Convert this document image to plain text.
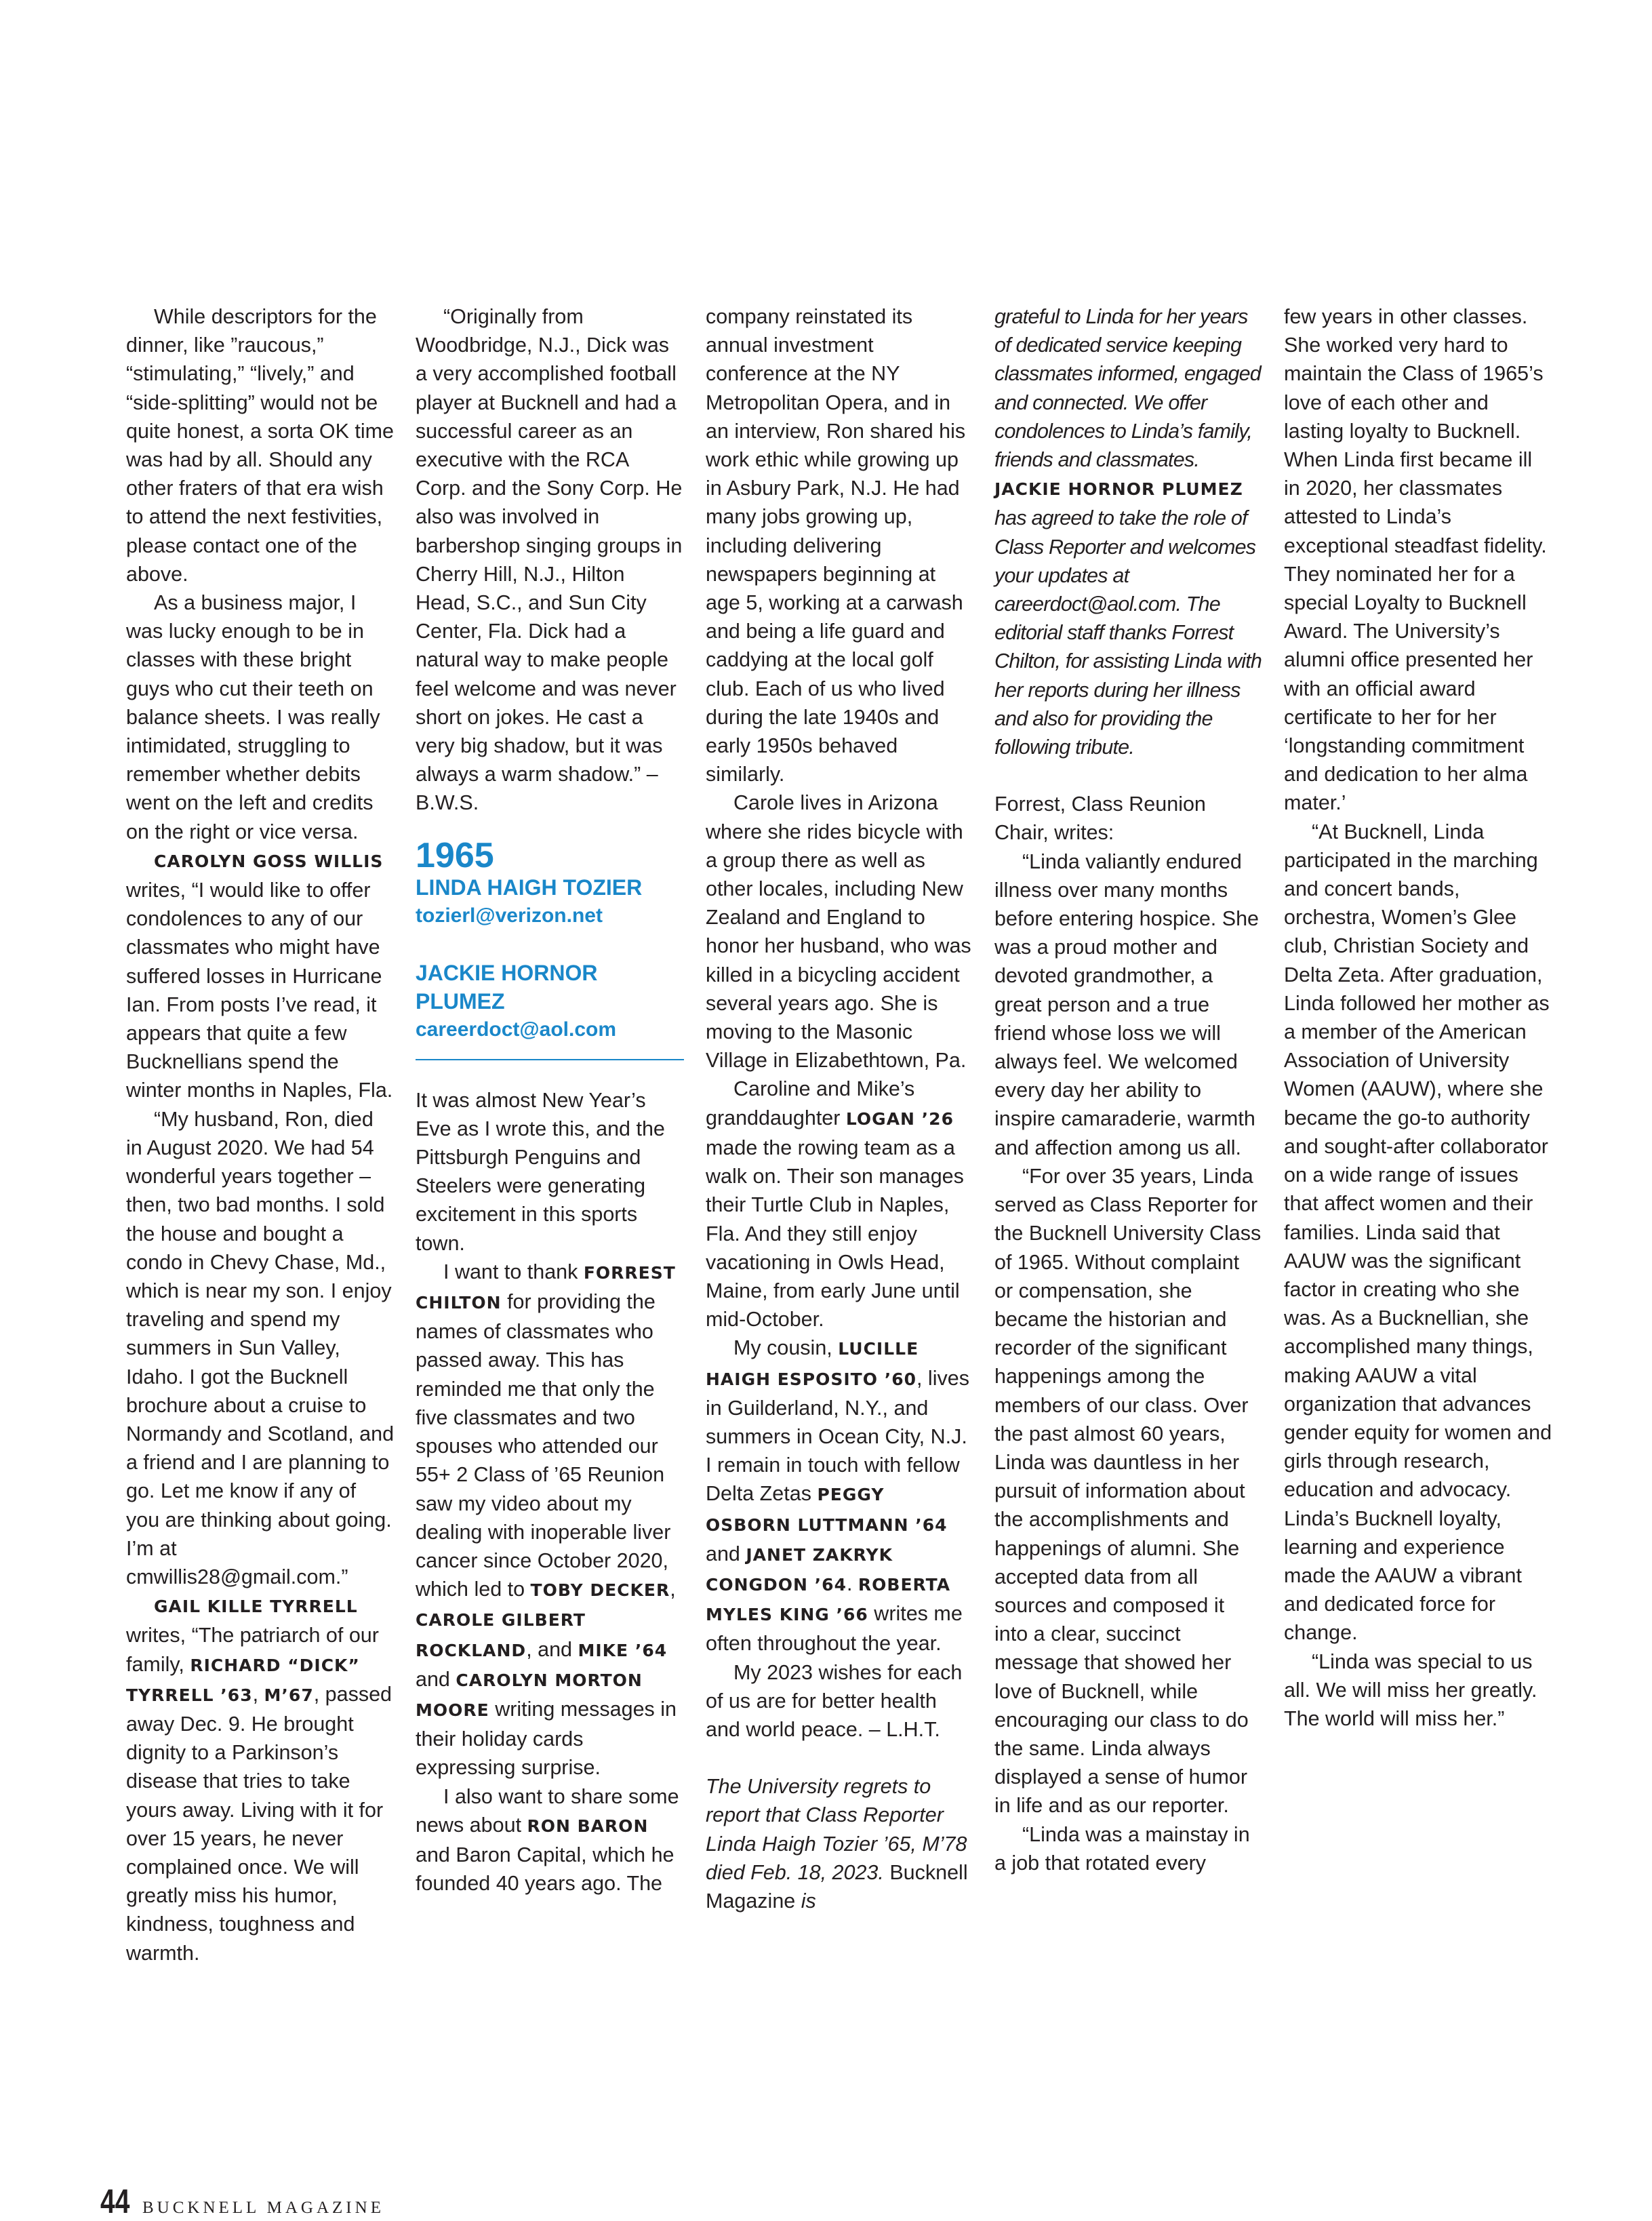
While descriptors for the dinner, like ”raucous,” “stimulating,” “lively,” and “side-splitting” would not be quite honest, a sorta OK time was had by all. Should any other fraters of that era wish to attend the next festivities, please contact one of the above.

As a business major, I was lucky enough to be in classes with these bright guys who cut their teeth on balance sheets. I was really intimidated, struggling to remember whether debits went on the left and credits on the right or vice versa.

CAROLYN GOSS WILLIS writes, “I would like to offer condolences to any of our classmates who might have suffered losses in Hurricane Ian. From posts I’ve read, it appears that quite a few Bucknellians spend the winter months in Naples, Fla.

“My husband, Ron, died in August 2020. We had 54 wonderful years together – then, two bad months. I sold the house and bought a condo in Chevy Chase, Md., which is near my son. I enjoy traveling and spend my summers in Sun Valley, Idaho. I got the Bucknell brochure about a cruise to Normandy and Scotland, and a friend and I are planning to go. Let me know if any of you are thinking about going. I’m at cmwillis28@gmail.com.”

GAIL KILLE TYRRELL writes, “The patriarch of our family, RICHARD “DICK” TYRRELL ’63, M’67, passed away Dec. 9. He brought dignity to a Parkinson’s disease that tries to take yours away. Living with it for over 15 years, he never complained once. We will greatly miss his humor, kindness, toughness and warmth.

“Originally from Woodbridge, N.J., Dick was a very accomplished football player at Bucknell and had a successful career as an executive with the RCA Corp. and the Sony Corp. He also was involved in barbershop singing groups in Cherry Hill, N.J., Hilton Head, S.C., and Sun City Center, Fla. Dick had a natural way to make people feel welcome and was never short on jokes. He cast a very big shadow, but it was always a warm shadow.” – B.W.S.

1965

LINDA HAIGH TOZIER

tozierl@verizon.net

JACKIE HORNOR PLUMEZ

careerdoct@aol.com

It was almost New Year’s Eve as I wrote this, and the Pittsburgh Penguins and Steelers were generating excitement in this sports town.

I want to thank FORREST CHILTON for providing the names of classmates who passed away. This has reminded me that only the five classmates and two spouses who attended our 55+ 2 Class of ’65 Reunion saw my video about my dealing with inoperable liver cancer since October 2020, which led to TOBY DECKER, CAROLE GILBERT ROCKLAND, and MIKE ’64 and CAROLYN MORTON MOORE writing messages in their holiday cards expressing surprise.

I also want to share some news about RON BARON and Baron Capital, which he founded 40 years ago. The

company reinstated its annual investment conference at the NY Metropolitan Opera, and in an interview, Ron shared his work ethic while growing up in Asbury Park, N.J. He had many jobs growing up, including delivering newspapers beginning at age 5, working at a carwash and being a life guard and caddying at the local golf club. Each of us who lived during the late 1940s and early 1950s behaved similarly.

Carole lives in Arizona where she rides bicycle with a group there as well as other locales, including New Zealand and England to honor her husband, who was killed in a bicycling accident several years ago. She is moving to the Masonic Village in Elizabethtown, Pa.

Caroline and Mike’s granddaughter LOGAN ’26 made the rowing team as a walk on. Their son manages their Turtle Club in Naples, Fla. And they still enjoy vacationing in Owls Head, Maine, from early June until mid-October.

My cousin, LUCILLE HAIGH ESPOSITO ’60, lives in Guilderland, N.Y., and summers in Ocean City, N.J. I remain in touch with fellow Delta Zetas PEGGY OSBORN LUTTMANN ’64 and JANET ZAKRYK CONGDON ’64. ROBERTA MYLES KING ’66 writes me often throughout the year.

My 2023 wishes for each of us are for better health and world peace. – L.H.T.

The University regrets to report that Class Reporter Linda Haigh Tozier ’65, M’78 died Feb. 18, 2023. Bucknell Magazine is

grateful to Linda for her years of dedicated service keeping classmates informed, engaged and connected. We offer condolences to Linda’s family, friends and classmates. JACKIE HORNOR PLUMEZ has agreed to take the role of Class Reporter and welcomes your updates at careerdoct@aol.com. The editorial staff thanks Forrest Chilton, for assisting Linda with her reports during her illness and also for providing the following tribute.

Forrest, Class Reunion Chair, writes:

“Linda valiantly endured illness over many months before entering hospice. She was a proud mother and devoted grandmother, a great person and a true friend whose loss we will always feel. We welcomed every day her ability to inspire camaraderie, warmth and affection among us all.

“For over 35 years, Linda served as Class Reporter for the Bucknell University Class of 1965. Without complaint or compensation, she became the historian and recorder of the significant happenings among the members of our class. Over the past almost 60 years, Linda was dauntless in her pursuit of information about the accomplishments and happenings of alumni. She accepted data from all sources and composed it into a clear, succinct message that showed her love of Bucknell, while encouraging our class to do the same. Linda always displayed a sense of humor in life and as our reporter.

“Linda was a mainstay in a job that rotated every

few years in other classes. She worked very hard to maintain the Class of 1965’s love of each other and lasting loyalty to Bucknell. When Linda first became ill in 2020, her classmates attested to Linda’s exceptional steadfast fidelity. They nominated her for a special Loyalty to Bucknell Award. The University’s alumni office presented her with an official award certificate to her for her ‘longstanding commitment and dedication to her alma mater.’

“At Bucknell, Linda participated in the marching and concert bands, orchestra, Women’s Glee club, Christian Society and Delta Zeta. After graduation, Linda followed her mother as a member of the American Association of University Women (AAUW), where she became the go-to authority and sought-after collaborator on a wide range of issues that affect women and their families. Linda said that AAUW was the significant factor in creating who she was. As a Bucknellian, she accomplished many things, making AAUW a vital organization that advances gender equity for women and girls through research, education and advocacy. Linda’s Bucknell loyalty, learning and experience made the AAUW a vibrant and dedicated force for change.

“Linda was special to us all. We will miss her greatly. The world will miss her.”

44 BUCKNELL MAGAZINE
